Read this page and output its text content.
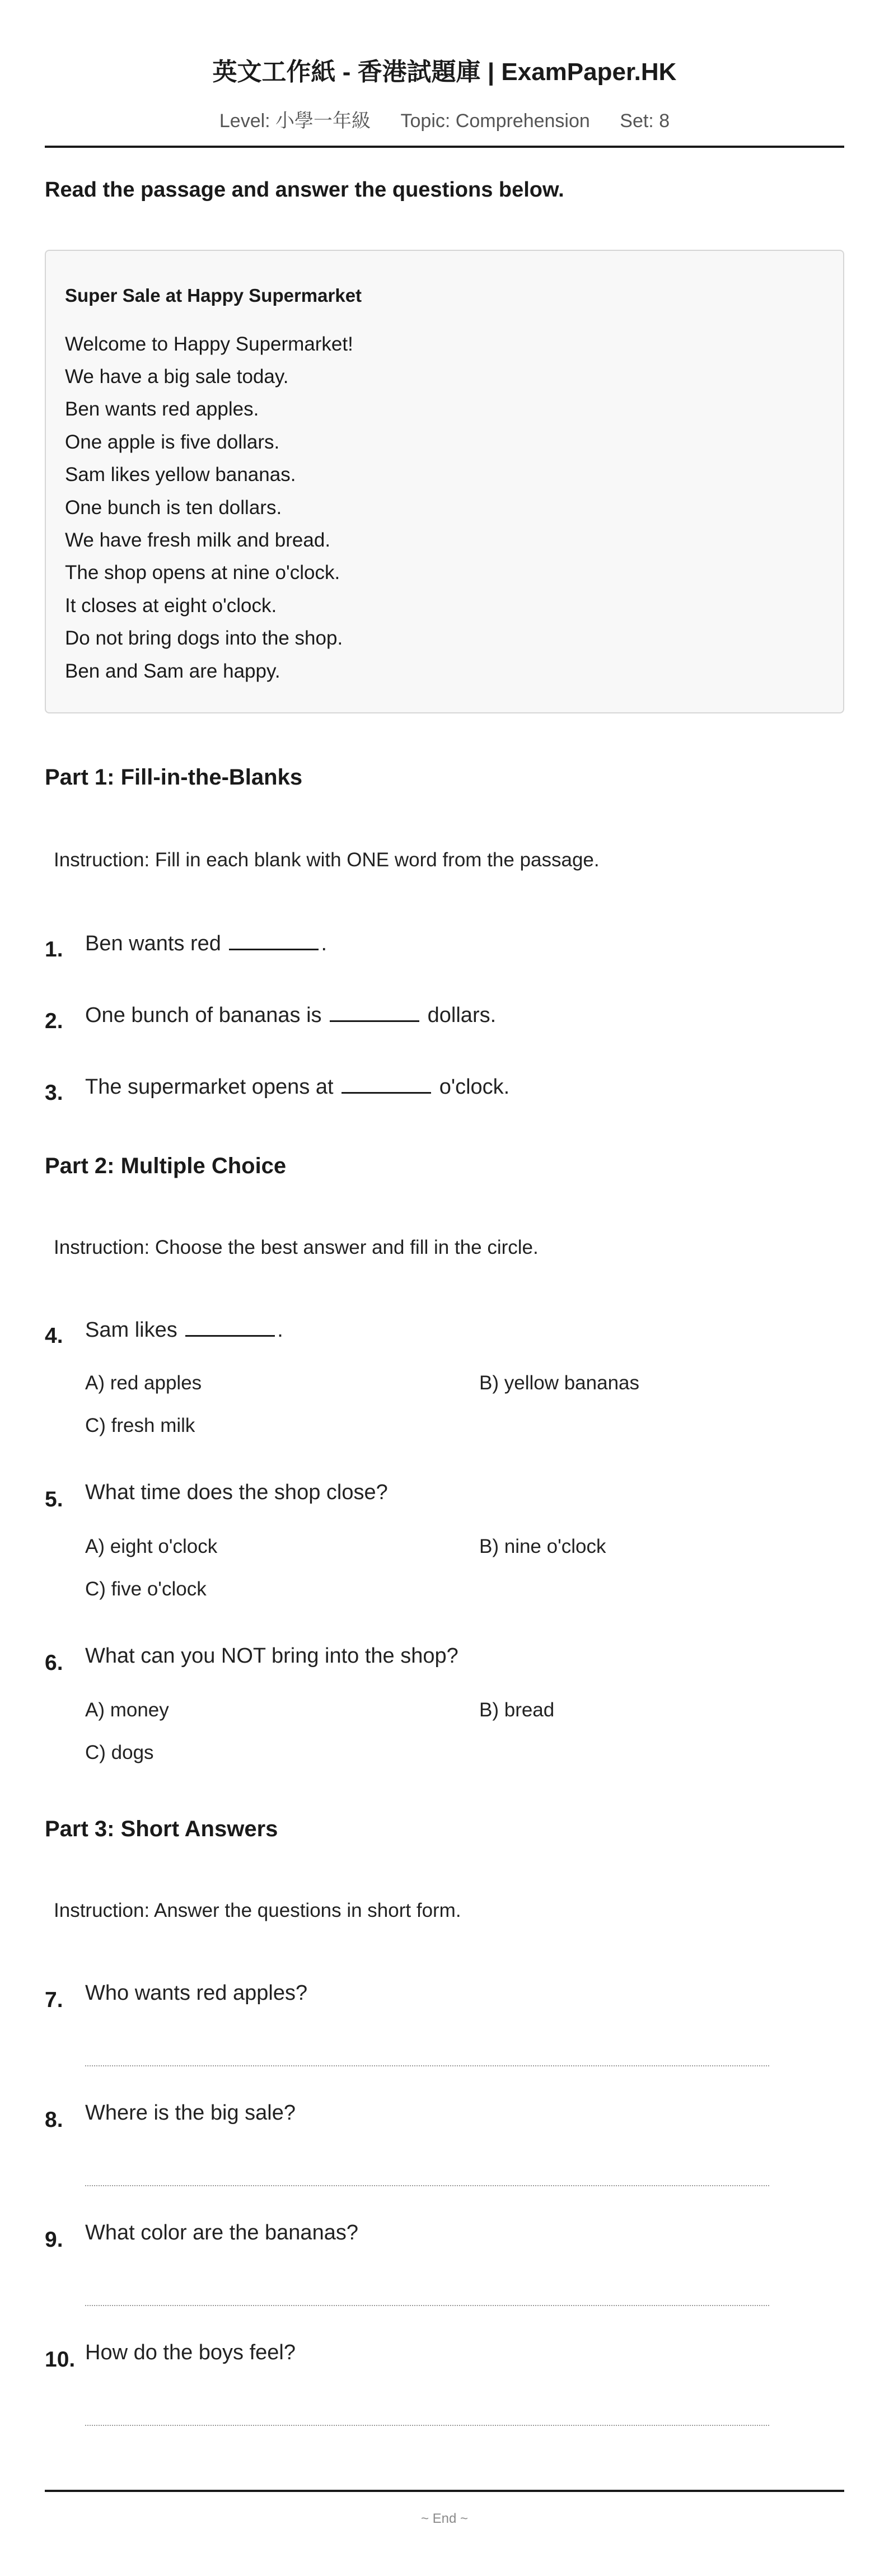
英文工作紙 - 香港試題庫 | ExamPaper.HK
Level: 小學一年級 Topic: Comprehension Set: 8
Read the passage and answer the questions below.
Super Sale at Happy Supermarket
Welcome to Happy Supermarket!
We have a big sale today.
Ben wants red apples.
One apple is five dollars.
Sam likes yellow bananas.
One bunch is ten dollars.
We have fresh milk and bread.
The shop opens at nine o'clock.
It closes at eight o'clock.
Do not bring dogs into the shop.
Ben and Sam are happy.
Part 1: Fill-in-the-Blanks
Instruction: Fill in each blank with ONE word from the passage.
1. Ben wants red	.
2. One bunch of bananas is	dollars.
3. The supermarket opens at	o'clock.
Part 2: Multiple Choice
Instruction: Choose the best answer and fill in the circle.
4. Sam likes	.
A) red apples	B) yellow bananas
C) fresh milk
5. What time does the shop close?
A) eight o'clock	B) nine o'clock
C) five o'clock
6. What can you NOT bring into the shop?
A) money	B) bread
C) dogs
Part 3: Short Answers
Instruction: Answer the questions in short form.
7. Who wants red apples?
8. Where is the big sale?
9. What color are the bananas?
10. How do the boys feel?
~ End ~
